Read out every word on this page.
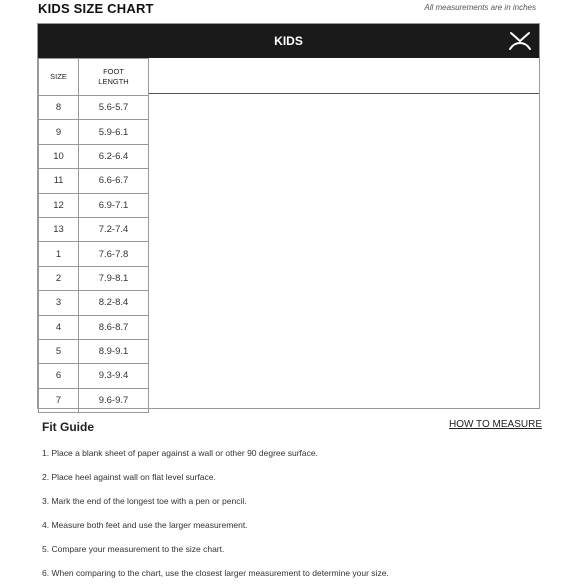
KIDS SIZE CHART	All measurements are in inches
KIDS
SIZE	FOOT
LENGTH
8	5.6-5.7
9	5.9-6.1
10	6.2-6.4
11	6.6-6.7
12	6.9-7.1
13	7.2-7.4
1	7.6-7.8
2	7.9-8.1
3	8.2-8.4
4	8.6-8.7
5	8.9-9.1
6	9.3-9.4
7	9.6-9.7
Fit Guide	HOW TO MEASURE
1. Place a blank sheet of paper against a wall or other 90 degree surface.
2. Place heel against wall on flat level surface.
3. Mark the end of the longest toe with a pen or pencil.
4. Measure both feet and use the larger measurement.
5. Compare your measurement to the size chart.
6. When comparing to the chart, use the closest larger measurement to determine your size.
